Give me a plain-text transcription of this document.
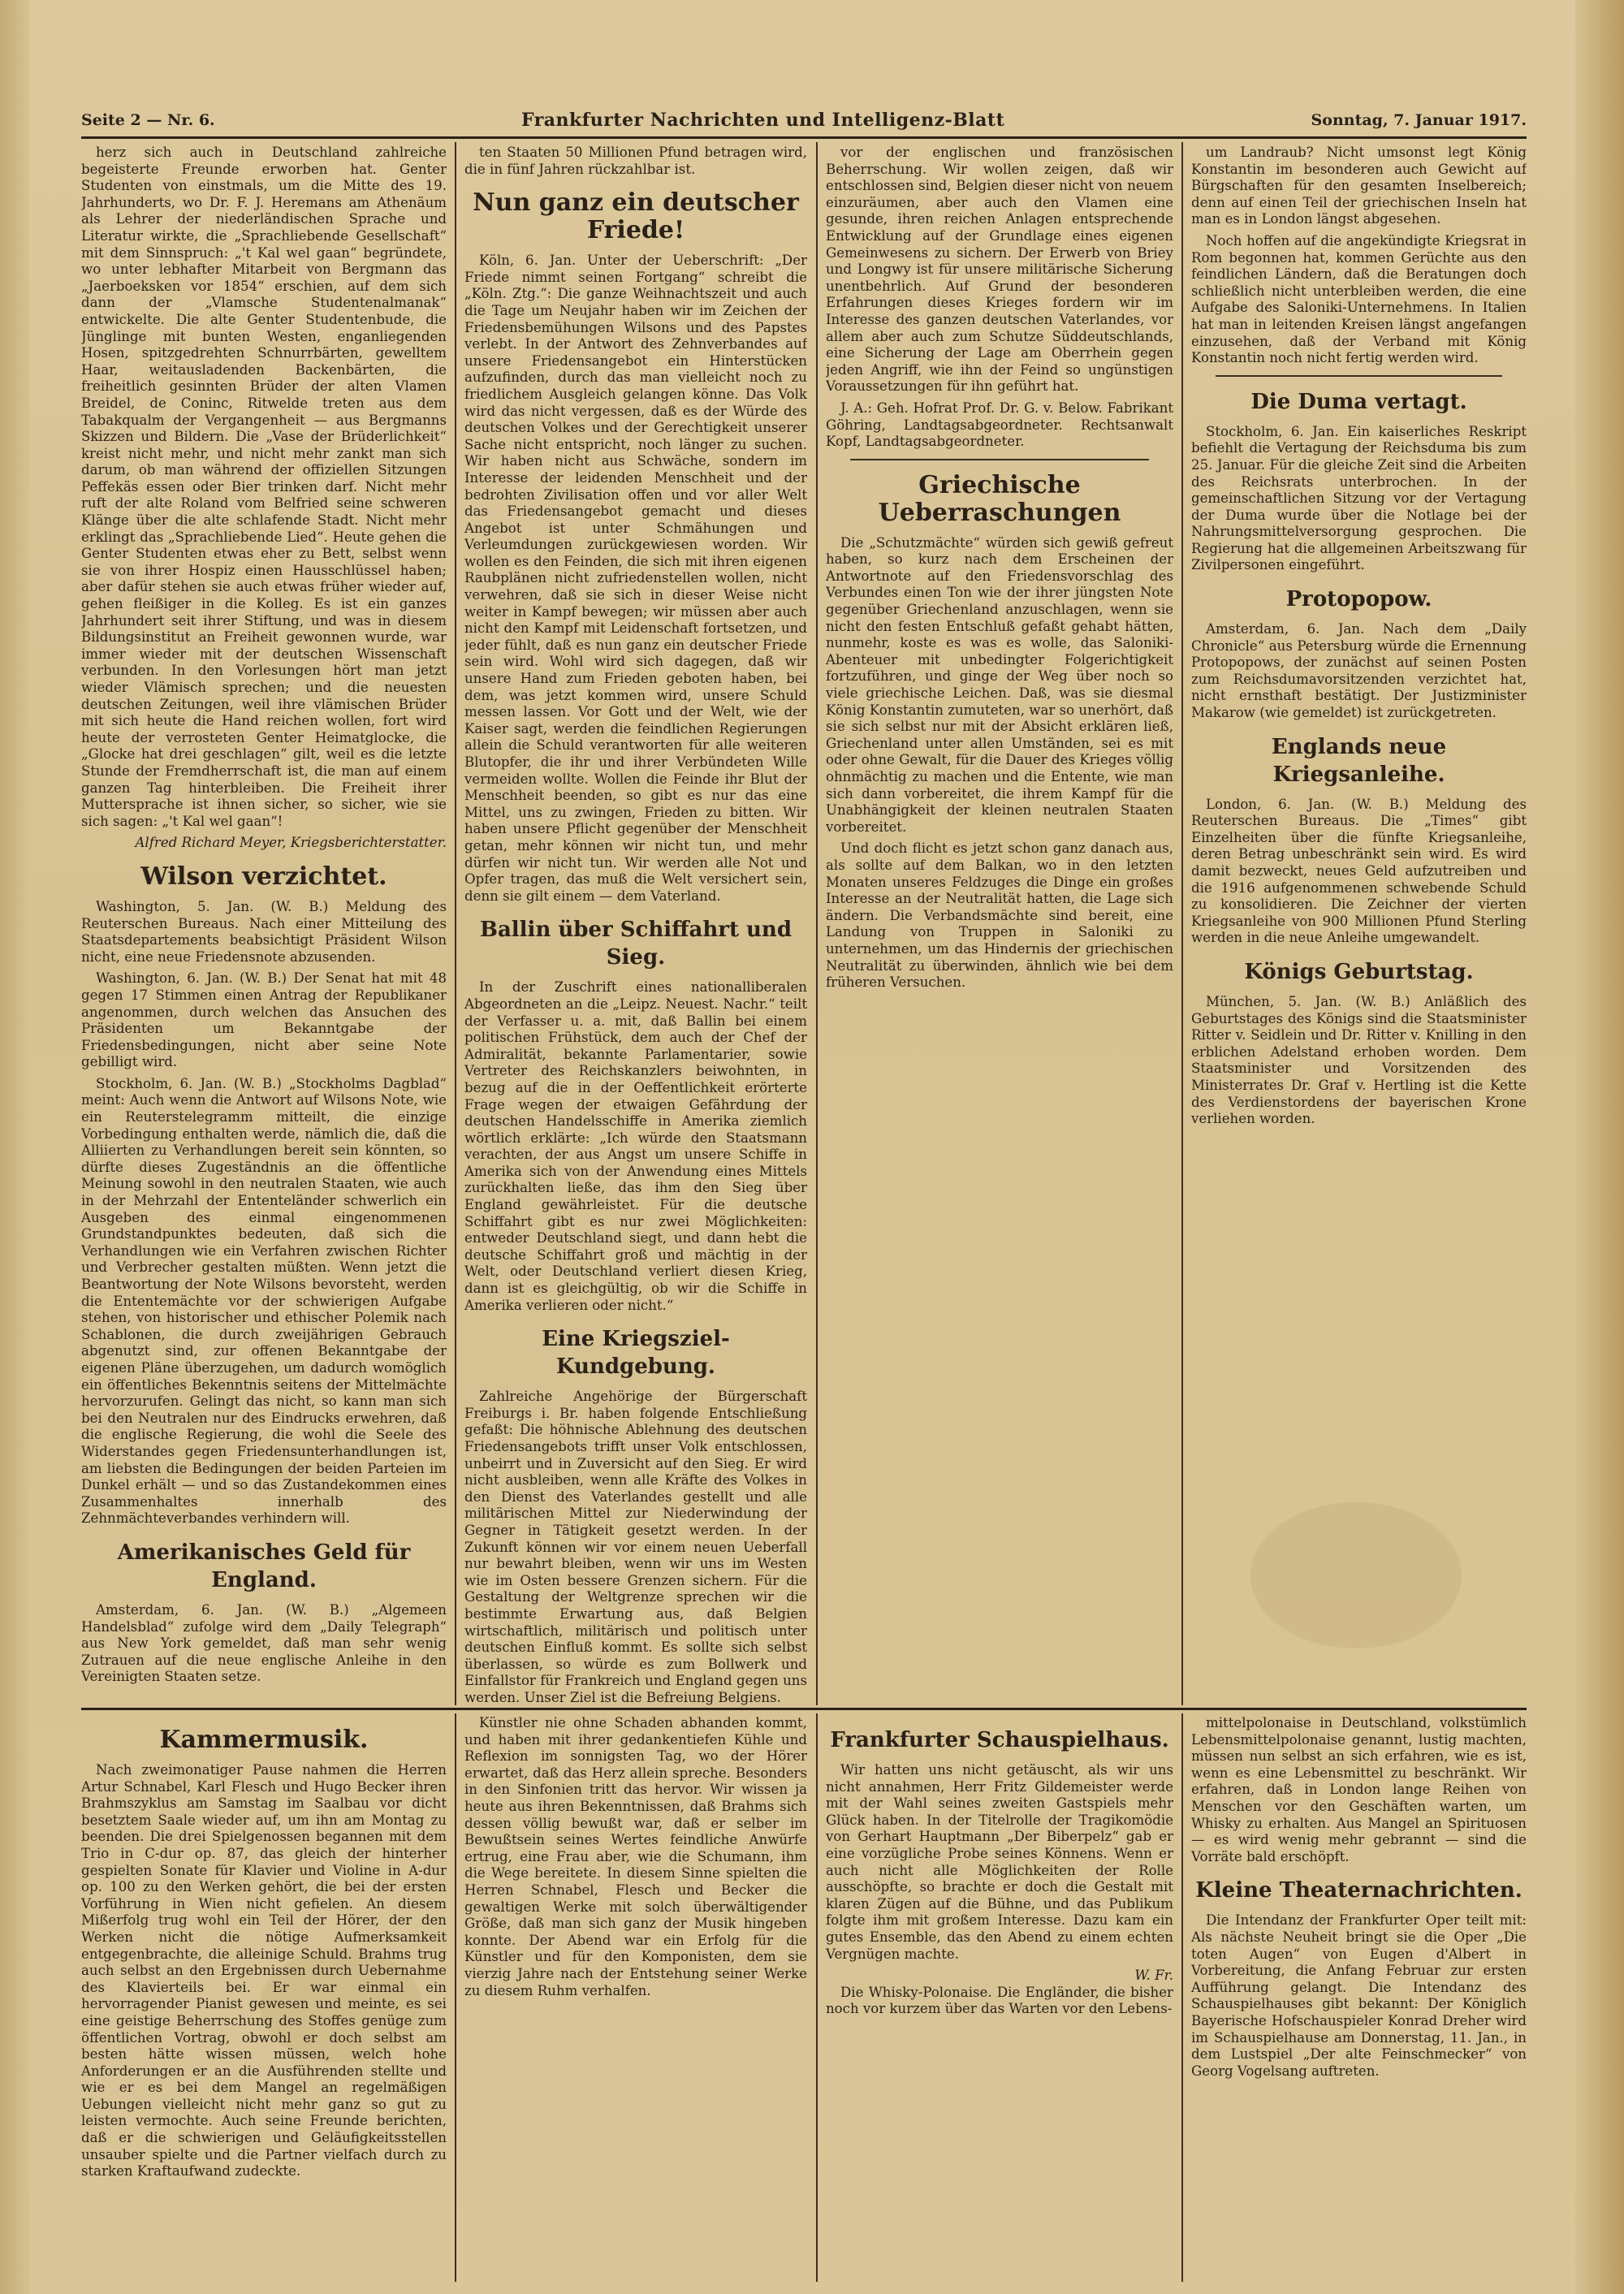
Seite 2 — Nr. 6.	Frankfurter Nachrichten und Intelligenz-Blatt	Sonntag, 7. Januar 1917.

herz sich auch in Deutschland zahlreiche begeisterte Freunde erworben hat. Genter Studenten von einstmals, um die Mitte des 19. Jahrhunderts, wo Dr. F. J. Heremans am Athenäum als Lehrer der niederländischen Sprache und Literatur wirkte, die „Sprachliebende Gesellschaft“ mit dem Sinnspruch: „'t Kal wel gaan“ begründete, wo unter lebhafter Mitarbeit von Bergmann das „Jaerboeksken vor 1854“ erschien, auf dem sich dann der „Vlamsche Studentenalmanak“ entwickelte. Die alte Genter Studentenbude, die Jünglinge mit bunten Westen, enganliegenden Hosen, spitzgedrehten Schnurrbärten, gewelltem Haar, weitausladenden Backenbärten, die freiheitlich gesinnten Brüder der alten Vlamen Breidel, de Coninc, Ritwelde treten aus dem Tabakqualm der Vergangenheit — aus Bergmanns Skizzen und Bildern. Die „Vase der Brüderlichkeit“ kreist nicht mehr, und nicht mehr zankt man sich darum, ob man während der offiziellen Sitzungen Peffekäs essen oder Bier trinken darf. Nicht mehr ruft der alte Roland vom Belfried seine schweren Klänge über die alte schlafende Stadt. Nicht mehr erklingt das „Sprachliebende Lied“. Heute gehen die Genter Studenten etwas eher zu Bett, selbst wenn sie von ihrer Hospiz einen Hausschlüssel haben; aber dafür stehen sie auch etwas früher wieder auf, gehen fleißiger in die Kolleg. Es ist ein ganzes Jahrhundert seit ihrer Stiftung, und was in diesem Bildungsinstitut an Freiheit gewonnen wurde, war immer wieder mit der deutschen Wissenschaft verbunden. In den Vorlesungen hört man jetzt wieder Vlämisch sprechen; und die neuesten deutschen Zeitungen, weil ihre vlämischen Brüder mit sich heute die Hand reichen wollen, fort wird heute der verrosteten Genter Heimatglocke, die „Glocke hat drei geschlagen“ gilt, weil es die letzte Stunde der Fremdherrschaft ist, die man auf einem ganzen Tag hinterbleiben. Die Freiheit ihrer Muttersprache ist ihnen sicher, so sicher, wie sie sich sagen: „'t Kal wel gaan“!

Alfred Richard Meyer, Kriegsberichterstatter.
Wilson verzichtet.

Washington, 5. Jan. (W. B.) Meldung des Reuterschen Bureaus. Nach einer Mitteilung des Staatsdepartements beabsichtigt Präsident Wilson nicht, eine neue Friedensnote abzusenden.

Washington, 6. Jan. (W. B.) Der Senat hat mit 48 gegen 17 Stimmen einen Antrag der Republikaner angenommen, durch welchen das Ansuchen des Präsidenten um Bekanntgabe der Friedensbedingungen, nicht aber seine Note gebilligt wird.

Stockholm, 6. Jan. (W. B.) „Stockholms Dagblad“ meint: Auch wenn die Antwort auf Wilsons Note, wie ein Reuterstelegramm mitteilt, die einzige Vorbedingung enthalten werde, nämlich die, daß die Alliierten zu Verhandlungen bereit sein könnten, so dürfte dieses Zugeständnis an die öffentliche Meinung sowohl in den neutralen Staaten, wie auch in der Mehrzahl der Ententeländer schwerlich ein Ausgeben des einmal eingenommenen Grundstandpunktes bedeuten, daß sich die Verhandlungen wie ein Verfahren zwischen Richter und Verbrecher gestalten müßten. Wenn jetzt die Beantwortung der Note Wilsons bevorsteht, werden die Ententemächte vor der schwierigen Aufgabe stehen, von historischer und ethischer Polemik nach Schablonen, die durch zweijährigen Gebrauch abgenutzt sind, zur offenen Bekanntgabe der eigenen Pläne überzugehen, um dadurch womöglich ein öffentliches Bekenntnis seitens der Mittelmächte hervorzurufen. Gelingt das nicht, so kann man sich bei den Neutralen nur des Eindrucks erwehren, daß die englische Regierung, die wohl die Seele des Widerstandes gegen Friedensunterhandlungen ist, am liebsten die Bedingungen der beiden Parteien im Dunkel erhält — und so das Zustandekommen eines Zusammenhaltes innerhalb des Zehnmächteverbandes verhindern will.

Amerikanisches Geld für England.

Amsterdam, 6. Jan. (W. B.) „Algemeen Handelsblad“ zufolge wird dem „Daily Telegraph“ aus New York gemeldet, daß man sehr wenig Zutrauen auf die neue englische Anleihe in den Vereinigten Staaten setze.

ten Staaten 50 Millionen Pfund betragen wird, die in fünf Jahren rückzahlbar ist.

Nun ganz ein deutscher Friede!

Köln, 6. Jan. Unter der Ueberschrift: „Der Friede nimmt seinen Fortgang“ schreibt die „Köln. Ztg.“: Die ganze Weihnachtszeit und auch die Tage um Neujahr haben wir im Zeichen der Friedensbemühungen Wilsons und des Papstes verlebt. In der Antwort des Zehnverbandes auf unsere Friedensangebot ein Hinterstücken aufzufinden, durch das man vielleicht noch zu friedlichem Ausgleich gelangen könne. Das Volk wird das nicht vergessen, daß es der Würde des deutschen Volkes und der Gerechtigkeit unserer Sache nicht entspricht, noch länger zu suchen. Wir haben nicht aus Schwäche, sondern im Interesse der leidenden Menschheit und der bedrohten Zivilisation offen und vor aller Welt das Friedensangebot gemacht und dieses Angebot ist unter Schmähungen und Verleumdungen zurückgewiesen worden. Wir wollen es den Feinden, die sich mit ihren eigenen Raubplänen nicht zufriedenstellen wollen, nicht verwehren, daß sie sich in dieser Weise nicht weiter in Kampf bewegen; wir müssen aber auch nicht den Kampf mit Leidenschaft fortsetzen, und jeder fühlt, daß es nun ganz ein deutscher Friede sein wird. Wohl wird sich dagegen, daß wir unsere Hand zum Frieden geboten haben, bei dem, was jetzt kommen wird, unsere Schuld messen lassen. Vor Gott und der Welt, wie der Kaiser sagt, werden die feindlichen Regierungen allein die Schuld verantworten für alle weiteren Blutopfer, die ihr und ihrer Verbündeten Wille vermeiden wollte. Wollen die Feinde ihr Blut der Menschheit beenden, so gibt es nur das eine Mittel, uns zu zwingen, Frieden zu bitten. Wir haben unsere Pflicht gegenüber der Menschheit getan, mehr können wir nicht tun, und mehr dürfen wir nicht tun. Wir werden alle Not und Opfer tragen, das muß die Welt versichert sein, denn sie gilt einem — dem Vaterland.

Ballin über Schiffahrt und Sieg.

In der Zuschrift eines nationalliberalen Abgeordneten an die „Leipz. Neuest. Nachr.“ teilt der Verfasser u. a. mit, daß Ballin bei einem politischen Frühstück, dem auch der Chef der Admiralität, bekannte Parlamentarier, sowie Vertreter des Reichskanzlers beiwohnten, in bezug auf die in der Oeffentlichkeit erörterte Frage wegen der etwaigen Gefährdung der deutschen Handelsschiffe in Amerika ziemlich wörtlich erklärte: „Ich würde den Staatsmann verachten, der aus Angst um unsere Schiffe in Amerika sich von der Anwendung eines Mittels zurückhalten ließe, das ihm den Sieg über England gewährleistet. Für die deutsche Schiffahrt gibt es nur zwei Möglichkeiten: entweder Deutschland siegt, und dann hebt die deutsche Schiffahrt groß und mächtig in der Welt, oder Deutschland verliert diesen Krieg, dann ist es gleichgültig, ob wir die Schiffe in Amerika verlieren oder nicht.“

Eine Kriegsziel-Kundgebung.

Zahlreiche Angehörige der Bürgerschaft Freiburgs i. Br. haben folgende Entschließung gefaßt: Die höhnische Ablehnung des deutschen Friedensangebots trifft unser Volk entschlossen, unbeirrt und in Zuversicht auf den Sieg. Er wird nicht ausbleiben, wenn alle Kräfte des Volkes in den Dienst des Vaterlandes gestellt und alle militärischen Mittel zur Niederwindung der Gegner in Tätigkeit gesetzt werden. In der Zukunft können wir vor einem neuen Ueberfall nur bewahrt bleiben, wenn wir uns im Westen wie im Osten bessere Grenzen sichern. Für die Gestaltung der Weltgrenze sprechen wir die bestimmte Erwartung aus, daß Belgien wirtschaftlich, militärisch und politisch unter deutschen Einfluß kommt. Es sollte sich selbst überlassen, so würde es zum Bollwerk und Einfallstor für Frankreich und England gegen uns werden. Unser Ziel ist die Befreiung Belgiens.

vor der englischen und französischen Beherrschung. Wir wollen zeigen, daß wir entschlossen sind, Belgien dieser nicht von neuem einzuräumen, aber auch den Vlamen eine gesunde, ihren reichen Anlagen entsprechende Entwicklung auf der Grundlage eines eigenen Gemeinwesens zu sichern. Der Erwerb von Briey und Longwy ist für unsere militärische Sicherung unentbehrlich. Auf Grund der besonderen Erfahrungen dieses Krieges fordern wir im Interesse des ganzen deutschen Vaterlandes, vor allem aber auch zum Schutze Süddeutschlands, eine Sicherung der Lage am Oberrhein gegen jeden Angriff, wie ihn der Feind so ungünstigen Voraussetzungen für ihn geführt hat.

J. A.: Geh. Hofrat Prof. Dr. G. v. Below. Fabrikant Göhring, Landtagsabgeordneter. Rechtsanwalt Kopf, Landtagsabgeordneter.

Griechische Ueberraschungen

Die „Schutzmächte“ würden sich gewiß gefreut haben, so kurz nach dem Erscheinen der Antwortnote auf den Friedensvorschlag des Verbundes einen Ton wie der ihrer jüngsten Note gegenüber Griechenland anzuschlagen, wenn sie nicht den festen Entschluß gefaßt gehabt hätten, nunmehr, koste es was es wolle, das Saloniki-Abenteuer mit unbedingter Folgerichtigkeit fortzuführen, und ginge der Weg über noch so viele griechische Leichen. Daß, was sie diesmal König Konstantin zumuteten, war so unerhört, daß sie sich selbst nur mit der Absicht erklären ließ, Griechenland unter allen Umständen, sei es mit oder ohne Gewalt, für die Dauer des Krieges völlig ohnmächtig zu machen und die Entente, wie man sich dann vorbereitet, die ihrem Kampf für die Unabhängigkeit der kleinen neutralen Staaten vorbereitet.

Und doch flicht es jetzt schon ganz danach aus, als sollte auf dem Balkan, wo in den letzten Monaten unseres Feldzuges die Dinge ein großes Interesse an der Neutralität hatten, die Lage sich ändern. Die Verbandsmächte sind bereit, eine Landung von Truppen in Saloniki zu unternehmen, um das Hindernis der griechischen Neutralität zu überwinden, ähnlich wie bei dem früheren Versuchen.

um Landraub? Nicht umsonst legt König Konstantin im besonderen auch Gewicht auf Bürgschaften für den gesamten Inselbereich; denn auf einen Teil der griechischen Inseln hat man es in London längst abgesehen.

Noch hoffen auf die angekündigte Kriegsrat in Rom begonnen hat, kommen Gerüchte aus den feindlichen Ländern, daß die Beratungen doch schließlich nicht unterbleiben werden, die eine Aufgabe des Saloniki-Unternehmens. In Italien hat man in leitenden Kreisen längst angefangen einzusehen, daß der Verband mit König Konstantin noch nicht fertig werden wird.

Die Duma vertagt.

Stockholm, 6. Jan. Ein kaiserliches Reskript befiehlt die Vertagung der Reichsduma bis zum 25. Januar. Für die gleiche Zeit sind die Arbeiten des Reichsrats unterbrochen. In der gemeinschaftlichen Sitzung vor der Vertagung der Duma wurde über die Notlage bei der Nahrungsmittelversorgung gesprochen. Die Regierung hat die allgemeinen Arbeitszwang für Zivilpersonen eingeführt.

Protopopow.

Amsterdam, 6. Jan. Nach dem „Daily Chronicle“ aus Petersburg würde die Ernennung Protopopows, der zunächst auf seinen Posten zum Reichsdumavorsitzenden verzichtet hat, nicht ernsthaft bestätigt. Der Justizminister Makarow (wie gemeldet) ist zurückgetreten.

Englands neue Kriegsanleihe.

London, 6. Jan. (W. B.) Meldung des Reuterschen Bureaus. Die „Times“ gibt Einzelheiten über die fünfte Kriegsanleihe, deren Betrag unbeschränkt sein wird. Es wird damit bezweckt, neues Geld aufzutreiben und die 1916 aufgenommenen schwebende Schuld zu konsolidieren. Die Zeichner der vierten Kriegsanleihe von 900 Millionen Pfund Sterling werden in die neue Anleihe umgewandelt.

Königs Geburtstag.

München, 5. Jan. (W. B.) Anläßlich des Geburtstages des Königs sind die Staatsminister Ritter v. Seidlein und Dr. Ritter v. Knilling in den erblichen Adelstand erhoben worden. Dem Staatsminister und Vorsitzenden des Ministerrates Dr. Graf v. Hertling ist die Kette des Verdienstordens der bayerischen Krone verliehen worden.

Kammermusik.

Nach zweimonatiger Pause nahmen die Herren Artur Schnabel, Karl Flesch und Hugo Becker ihren Brahmszyklus am Samstag im Saalbau vor dicht besetztem Saale wieder auf, um ihn am Montag zu beenden. Die drei Spielgenossen begannen mit dem Trio in C-dur op. 87, das gleich der hinterher gespielten Sonate für Klavier und Violine in A-dur op. 100 zu den Werken gehört, die bei der ersten Vorführung in Wien nicht gefielen. An diesem Mißerfolg trug wohl ein Teil der Hörer, der den Werken nicht die nötige Aufmerksamkeit entgegenbrachte, die alleinige Schuld. Brahms trug auch selbst an den Ergebnissen durch Uebernahme des Klavierteils bei. Er war einmal ein hervorragender Pianist gewesen und meinte, es sei eine geistige Beherrschung des Stoffes genüge zum öffentlichen Vortrag, obwohl er doch selbst am besten hätte wissen müssen, welch hohe Anforderungen er an die Ausführenden stellte und wie er es bei dem Mangel an regelmäßigen Uebungen vielleicht nicht mehr ganz so gut zu leisten vermochte. Auch seine Freunde berichten, daß er die schwierigen und Geläufigkeitsstellen unsauber spielte und die Partner vielfach durch zu starken Kraftaufwand zudeckte.

Künstler nie ohne Schaden abhanden kommt, und haben mit ihrer gedankentiefen Kühle und Reflexion im sonnigsten Tag, wo der Hörer erwartet, daß das Herz allein spreche. Besonders in den Sinfonien tritt das hervor. Wir wissen ja heute aus ihren Bekenntnissen, daß Brahms sich dessen völlig bewußt war, daß er selber im Bewußtsein seines Wertes feindliche Anwürfe ertrug, eine Frau aber, wie die Schumann, ihm die Wege bereitete. In diesem Sinne spielten die Herren Schnabel, Flesch und Becker die gewaltigen Werke mit solch überwältigender Größe, daß man sich ganz der Musik hingeben konnte. Der Abend war ein Erfolg für die Künstler und für den Komponisten, dem sie vierzig Jahre nach der Entstehung seiner Werke zu diesem Ruhm verhalfen.

Frankfurter Schauspielhaus.

Wir hatten uns nicht getäuscht, als wir uns nicht annahmen, Herr Fritz Gildemeister werde mit der Wahl seines zweiten Gastspiels mehr Glück haben. In der Titelrolle der Tragikomödie von Gerhart Hauptmann „Der Biberpelz“ gab er eine vorzügliche Probe seines Könnens. Wenn er auch nicht alle Möglichkeiten der Rolle ausschöpfte, so brachte er doch die Gestalt mit klaren Zügen auf die Bühne, und das Publikum folgte ihm mit großem Interesse. Dazu kam ein gutes Ensemble, das den Abend zu einem echten Vergnügen machte.

W. Fr.

Die Whisky-Polonaise. Die Engländer, die bisher noch vor kurzem über das Warten vor den Lebens-

mittelpolonaise in Deutschland, volkstümlich Lebensmittelpolonaise genannt, lustig machten, müssen nun selbst an sich erfahren, wie es ist, wenn es eine Lebensmittel zu beschränkt. Wir erfahren, daß in London lange Reihen von Menschen vor den Geschäften warten, um Whisky zu erhalten. Aus Mangel an Spirituosen — es wird wenig mehr gebrannt — sind die Vorräte bald erschöpft.

Kleine Theaternachrichten.

Die Intendanz der Frankfurter Oper teilt mit: Als nächste Neuheit bringt sie die Oper „Die toten Augen“ von Eugen d'Albert in Vorbereitung, die Anfang Februar zur ersten Aufführung gelangt. Die Intendanz des Schauspielhauses gibt bekannt: Der Königlich Bayerische Hofschauspieler Konrad Dreher wird im Schauspielhause am Donnerstag, 11. Jan., in dem Lustspiel „Der alte Feinschmecker“ von Georg Vogelsang auftreten.
